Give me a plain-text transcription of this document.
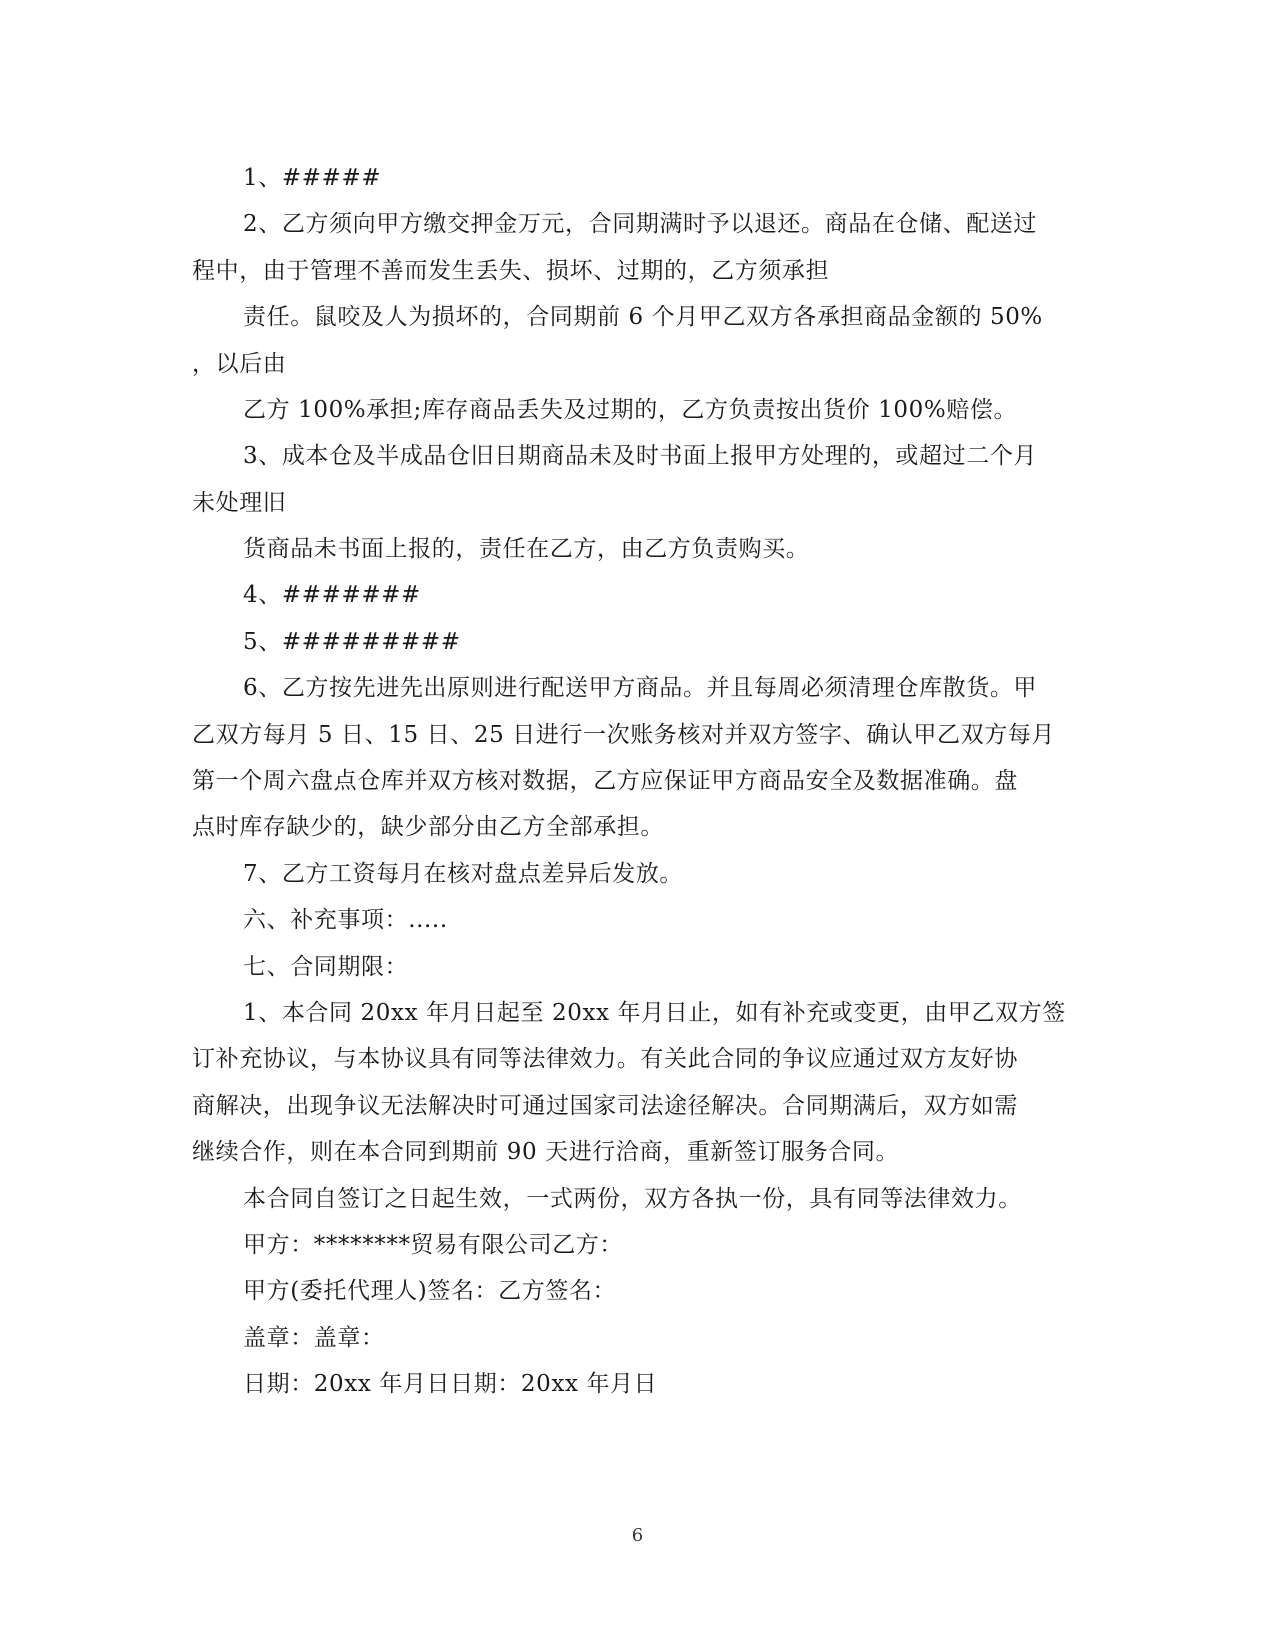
1、#####
2、乙方须向甲方缴交押金万元，合同期满时予以退还。商品在仓储、配送过
程中，由于管理不善而发生丢失、损坏、过期的，乙方须承担
责任。鼠咬及人为损坏的，合同期前 6 个月甲乙双方各承担商品金额的 50%
，以后由
乙方 100%承担;库存商品丢失及过期的，乙方负责按出货价 100%赔偿。
3、成本仓及半成品仓旧日期商品未及时书面上报甲方处理的，或超过二个月
未处理旧
货商品未书面上报的，责任在乙方，由乙方负责购买。
4、#######
5、#########
6、乙方按先进先出原则进行配送甲方商品。并且每周必须清理仓库散货。甲
乙双方每月 5 日、15 日、25 日进行一次账务核对并双方签字、确认甲乙双方每月
第一个周六盘点仓库并双方核对数据，乙方应保证甲方商品安全及数据准确。盘
点时库存缺少的，缺少部分由乙方全部承担。
7、乙方工资每月在核对盘点差异后发放。
六、补充事项：.....
七、合同期限：
1、本合同 20xx 年月日起至 20xx 年月日止，如有补充或变更，由甲乙双方签
订补充协议，与本协议具有同等法律效力。有关此合同的争议应通过双方友好协
商解决，出现争议无法解决时可通过国家司法途径解决。合同期满后，双方如需
继续合作，则在本合同到期前 90 天进行洽商，重新签订服务合同。
本合同自签订之日起生效，一式两份，双方各执一份，具有同等法律效力。
甲方：********贸易有限公司乙方：
甲方(委托代理人)签名：乙方签名：
盖章：盖章：
日期：20xx 年月日日期：20xx 年月日
6
